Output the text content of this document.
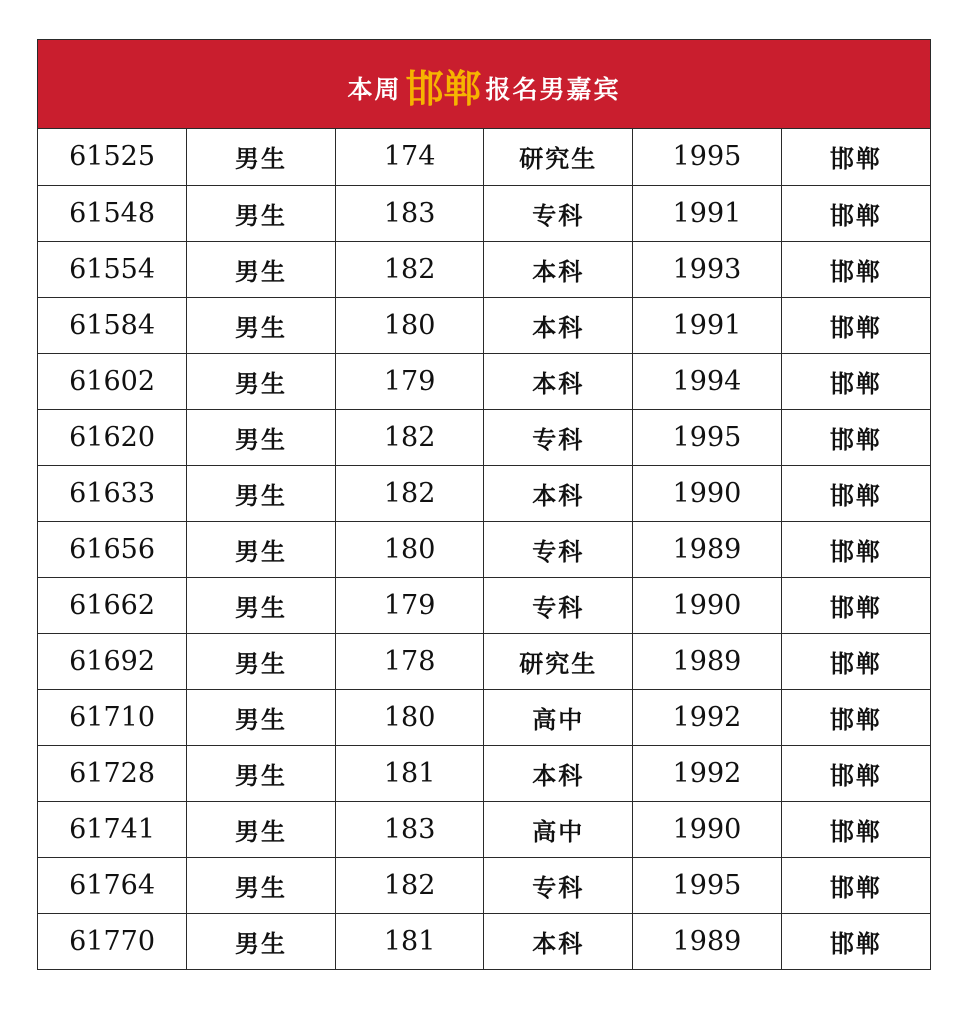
本周 邯郸 报名男嘉宾
61525	男生	174	研究生	1995	邯郸
61548	男生	183	专科	1991	邯郸
61554	男生	182	本科	1993	邯郸
61584	男生	180	本科	1991	邯郸
61602	男生	179	本科	1994	邯郸
61620	男生	182	专科	1995	邯郸
61633	男生	182	本科	1990	邯郸
61656	男生	180	专科	1989	邯郸
61662	男生	179	专科	1990	邯郸
61692	男生	178	研究生	1989	邯郸
61710	男生	180	高中	1992	邯郸
61728	男生	181	本科	1992	邯郸
61741	男生	183	高中	1990	邯郸
61764	男生	182	专科	1995	邯郸
61770	男生	181	本科	1989	邯郸
